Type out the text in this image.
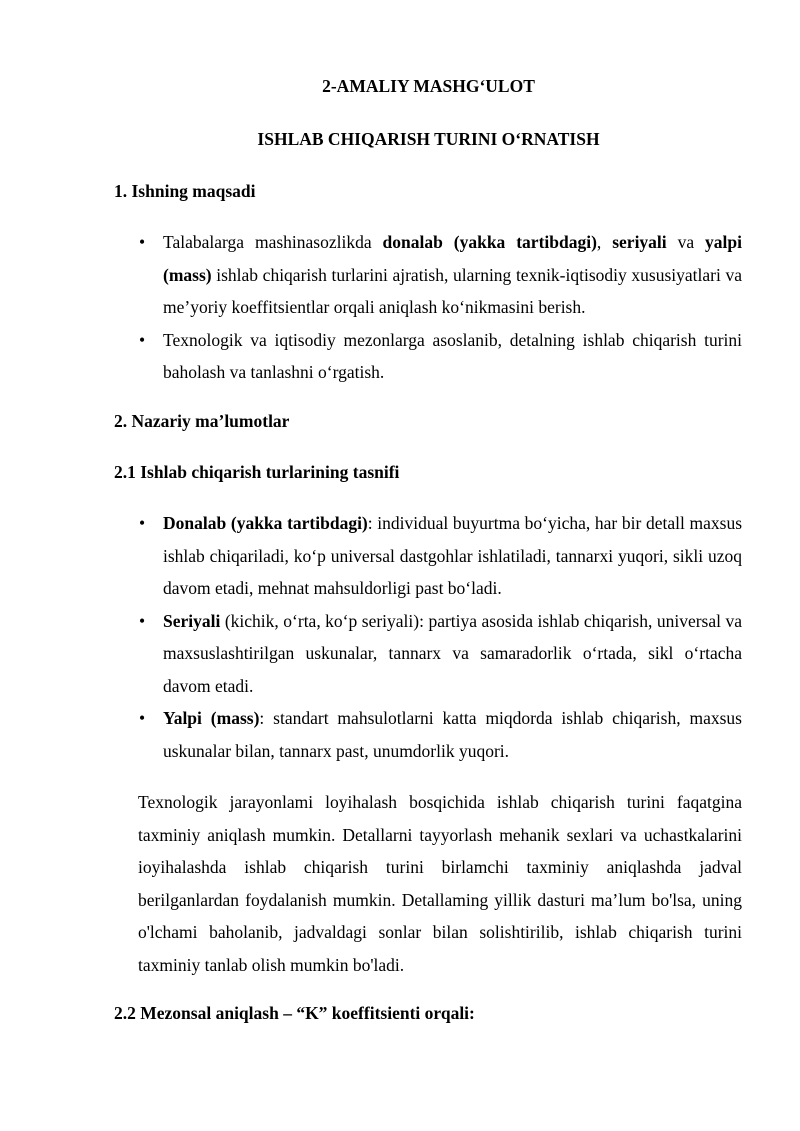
2-AMALIY MASHG‘ULOT
ISHLAB CHIQARISH TURINI O‘RNATISH
1. Ishning maqsadi
• Talabalarga mashinasozlikda donalab (yakka tartibdagi), seriyali va yalpi (mass) ishlab chiqarish turlarini ajratish, ularning texnik-iqtisodiy xususiyatlari va me’yoriy koeffitsientlar orqali aniqlash ko‘nikmasini berish.
• Texnologik va iqtisodiy mezonlarga asoslanib, detalning ishlab chiqarish turini baholash va tanlashni o‘rgatish.
2. Nazariy ma’lumotlar
2.1 Ishlab chiqarish turlarining tasnifi
• Donalab (yakka tartibdagi): individual buyurtma bo‘yicha, har bir detall maxsus ishlab chiqariladi, ko‘p universal dastgohlar ishlatiladi, tannarxi yuqori, sikli uzoq davom etadi, mehnat mahsuldorligi past bo‘ladi.
• Seriyali (kichik, o‘rta, ko‘p seriyali): partiya asosida ishlab chiqarish, universal va maxsuslashtirilgan uskunalar, tannarx va samaradorlik o‘rtada, sikl o‘rtacha davom etadi.
• Yalpi (mass): standart mahsulotlarni katta miqdorda ishlab chiqarish, maxsus uskunalar bilan, tannarx past, unumdorlik yuqori.

Texnologik jarayonlami loyihalash bosqichida ishlab chiqarish turini faqatgina taxminiy aniqlash mumkin. Detallarni tayyorlash mehanik sexlari va uchastkalarini ioyihalashda ishlab chiqarish turini birlamchi taxminiy aniqlashda jadval berilganlardan foydalanish mumkin. Detallaming yillik dasturi ma’lum bo'lsa, uning o'lchami baholanib, jadvaldagi sonlar bilan solishtirilib, ishlab chiqarish turini taxminiy tanlab olish mumkin bo'ladi.

2.2 Mezonsal aniqlash – “K” koeffitsienti orqali:
